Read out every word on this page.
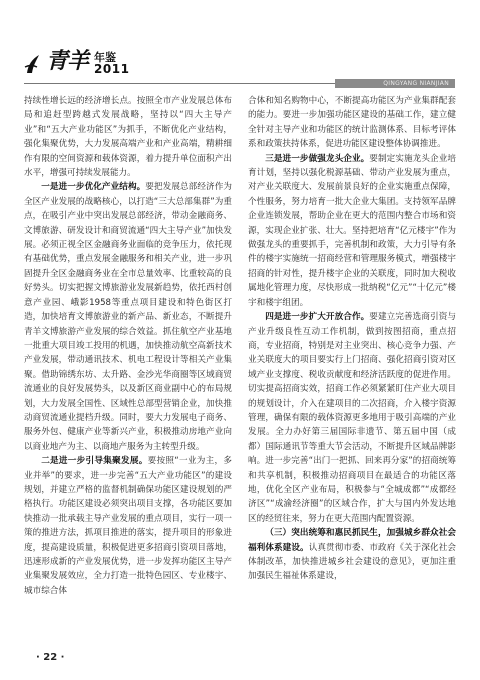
青羊 年鉴
2011
QINGYANG NIANJIAN

持续性增长远的经济增长点。按照全市产业发展总体布局和追赶型跨越式发展战略，坚持以“四大主导产业”和“五大产业功能区”为抓手，不断优化产业结构，强化集聚优势，大力发展高端产业和产业高端，精耕细作有限的空间资源和载体资源，着力提升单位面积产出水平，增强可持续发展能力。

一是进一步优化产业结构。要把发展总部经济作为全区产业发展的战略核心，以打造“三大总部集群”为重点，在吸引产业中突出发展总部经济，带动金融商务、文博旅游、研发设计和商贸流通“四大主导产业”加快发展。必须正视全区金融商务业面临的竞争压力，依托现有基础优势，重点发展金融服务和相关产业，进一步巩固提升全区金融商务业在全市总量效率、比重较高的良好势头。切实把握文博旅游业发展新趋势，依托西村创意产业园、峨影1958等重点项目建设和特色街区打造，加快培育文博旅游业的新产品、新业态，不断提升青羊文博旅游产业发展的综合效益。抓住航空产业基地一批重大项目竣工投用的机遇，加快推动航空高新技术产业发展，带动通讯技术、机电工程设计等相关产业集聚。借助锦绣东坊、太升路、金沙光华商圈等区域商贸流通业的良好发展势头，以及新区商业副中心的布局规划，大力发展全国性、区域性总部型营销企业，加快推动商贸流通业提档升级。同时，要大力发展电子商务、服务外包、健康产业等新兴产业，积极推动房地产业向以商业地产为主、以商地产服务为主转型升级。

二是进一步引导集聚发展。要按照“一业为主，多业并举”的要求，进一步完善“五大产业功能区”的建设规划，并建立严格的监督机制确保功能区建设规划的严格执行。功能区建设必须突出项目支撑，各功能区要加快推动一批承载主导产业发展的重点项目，实行一项一策的推进方法，抓项目推进的落实，提升项目的形象进度，提高建设质量，积极促进更多招商引资项目落地，迅速形成新的产业发展优势，进一步发挥功能区主导产业集聚发展效应，全力打造一批特色园区、专业楼宇、城市综合体

合体和知名购物中心，不断提高功能区为产业集群配套的能力。要进一步加强功能区建设的基础工作，建立健全针对主导产业和功能区的统计监测体系、目标考评体系和政策扶持体系，促进功能区建设整体协调推进。

三是进一步做强龙头企业。要制定实施龙头企业培育计划，坚持以强化税源基础、带动产业发展为重点，对产业关联度大、发展前景良好的企业实施重点保障，个性服务，努力培育一批大企业大集团。支持领军品牌企业连锁发展，帮助企业在更大的范围内整合市场和资源，实现企业扩张、壮大。坚持把培育“亿元楼宇”作为做强龙头的重要抓手，完善机制和政策，大力引导有条件的楼宇实施统一招商经营和管理服务模式，增强楼宇招商的针对性，提升楼宇企业的关联度，同时加大税收属地化管理力度，尽快形成一批纳税“亿元”“十亿元”楼宇和楼宇组团。

四是进一步扩大开放合作。要建立完善选商引资与产业升级良性互动工作机制，做到按图招商，重点招商，专业招商，特别是对主业突出、核心竞争力强、产业关联度大的项目要实行上门招商、强化招商引资对区域产业支撑度、税收贡献度和经济活跃度的促进作用。切实提高招商实效，招商工作必须紧紧盯住产业大项目的规划设计，介入在建项目的二次招商，介入楼宇资源管理，确保有限的载体资源更多地用于吸引高端的产业发展。全力办好第三届国际非遗节、第五届中国（成都）国际通讯节等重大节会活动，不断提升区域品牌影响。进一步完善“出门一把抓、回来再分家”的招商统筹和共享机制，积极推动招商项目在最适合的功能区落地，优化全区产业布局，积极参与“全城成都”“成都经济区”“成渝经济圈”的区域合作，扩大与国内外发达地区的经贸往来，努力在更大范围内配置资源。

（三）突出统筹和惠民抓民生，加强城乡群众社会福利体系建设。认真贯彻市委、市政府《关于深化社会体制改革，加快推进城乡社会建设的意见》，更加注重加强民生福祉体系建设，

· 22 ·
